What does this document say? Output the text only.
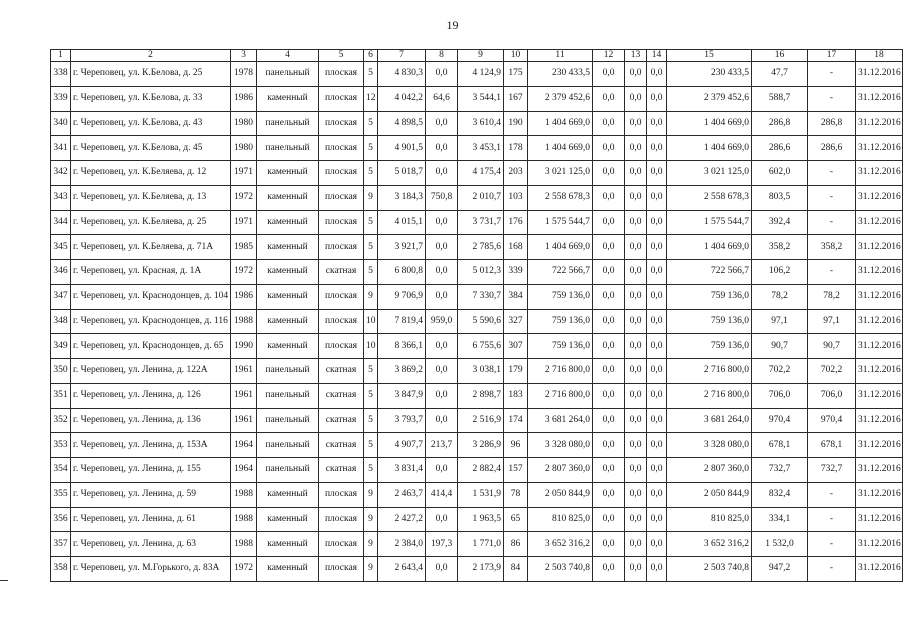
19
1	2	3	4	5	6	7	8	9	10	11	12	13	14	15	16	17	18
338	г. Череповец, ул. К.Белова, д. 25	1978	панельный	плоская	5	4 830,3	0,0	4 124,9	175	230 433,5	0,0	0,0	0,0	230 433,5	47,7	-	31.12.2016
339	г. Череповец, ул. К.Белова, д. 33	1986	каменный	плоская	12	4 042,2	64,6	3 544,1	167	2 379 452,6	0,0	0,0	0,0	2 379 452,6	588,7	-	31.12.2016
340	г. Череповец, ул. К.Белова, д. 43	1980	панельный	плоская	5	4 898,5	0,0	3 610,4	190	1 404 669,0	0,0	0,0	0,0	1 404 669,0	286,8	286,8	31.12.2016
341	г. Череповец, ул. К.Белова, д. 45	1980	панельный	плоская	5	4 901,5	0,0	3 453,1	178	1 404 669,0	0,0	0,0	0,0	1 404 669,0	286,6	286,6	31.12.2016
342	г. Череповец, ул. К.Беляева, д. 12	1971	каменный	плоская	5	5 018,7	0,0	4 175,4	203	3 021 125,0	0,0	0,0	0,0	3 021 125,0	602,0	-	31.12.2016
343	г. Череповец, ул. К.Беляева, д. 13	1972	каменный	плоская	9	3 184,3	750,8	2 010,7	103	2 558 678,3	0,0	0,0	0,0	2 558 678,3	803,5	-	31.12.2016
344	г. Череповец, ул. К.Беляева, д. 25	1971	каменный	плоская	5	4 015,1	0,0	3 731,7	176	1 575 544,7	0,0	0,0	0,0	1 575 544,7	392,4	-	31.12.2016
345	г. Череповец, ул. К.Беляева, д. 71А	1985	каменный	плоская	5	3 921,7	0,0	2 785,6	168	1 404 669,0	0,0	0,0	0,0	1 404 669,0	358,2	358,2	31.12.2016
346	г. Череповец, ул. Красная, д. 1А	1972	каменный	скатная	5	6 800,8	0,0	5 012,3	339	722 566,7	0,0	0,0	0,0	722 566,7	106,2	-	31.12.2016
347	г. Череповец, ул. Краснодонцев, д. 104	1986	каменный	плоская	9	9 706,9	0,0	7 330,7	384	759 136,0	0,0	0,0	0,0	759 136,0	78,2	78,2	31.12.2016
348	г. Череповец, ул. Краснодонцев, д. 116	1988	каменный	плоская	10	7 819,4	959,0	5 590,6	327	759 136,0	0,0	0,0	0,0	759 136,0	97,1	97,1	31.12.2016
349	г. Череповец, ул. Краснодонцев, д. 65	1990	каменный	плоская	10	8 366,1	0,0	6 755,6	307	759 136,0	0,0	0,0	0,0	759 136,0	90,7	90,7	31.12.2016
350	г. Череповец, ул. Ленина, д. 122А	1961	панельный	скатная	5	3 869,2	0,0	3 038,1	179	2 716 800,0	0,0	0,0	0,0	2 716 800,0	702,2	702,2	31.12.2016
351	г. Череповец, ул. Ленина, д. 126	1961	панельный	скатная	5	3 847,9	0,0	2 898,7	183	2 716 800,0	0,0	0,0	0,0	2 716 800,0	706,0	706,0	31.12.2016
352	г. Череповец, ул. Ленина, д. 136	1961	панельный	скатная	5	3 793,7	0,0	2 516,9	174	3 681 264,0	0,0	0,0	0,0	3 681 264,0	970,4	970,4	31.12.2016
353	г. Череповец, ул. Ленина, д. 153А	1964	панельный	скатная	5	4 907,7	213,7	3 286,9	96	3 328 080,0	0,0	0,0	0,0	3 328 080,0	678,1	678,1	31.12.2016
354	г. Череповец, ул. Ленина, д. 155	1964	панельный	скатная	5	3 831,4	0,0	2 882,4	157	2 807 360,0	0,0	0,0	0,0	2 807 360,0	732,7	732,7	31.12.2016
355	г. Череповец, ул. Ленина, д. 59	1988	каменный	плоская	9	2 463,7	414,4	1 531,9	78	2 050 844,9	0,0	0,0	0,0	2 050 844,9	832,4	-	31.12.2016
356	г. Череповец, ул. Ленина, д. 61	1988	каменный	плоская	9	2 427,2	0,0	1 963,5	65	810 825,0	0,0	0,0	0,0	810 825,0	334,1	-	31.12.2016
357	г. Череповец, ул. Ленина, д. 63	1988	каменный	плоская	9	2 384,0	197,3	1 771,0	86	3 652 316,2	0,0	0,0	0,0	3 652 316,2	1 532,0	-	31.12.2016
358	г. Череповец, ул. М.Горького, д. 83А	1972	каменный	плоская	9	2 643,4	0,0	2 173,9	84	2 503 740,8	0,0	0,0	0,0	2 503 740,8	947,2	-	31.12.2016
